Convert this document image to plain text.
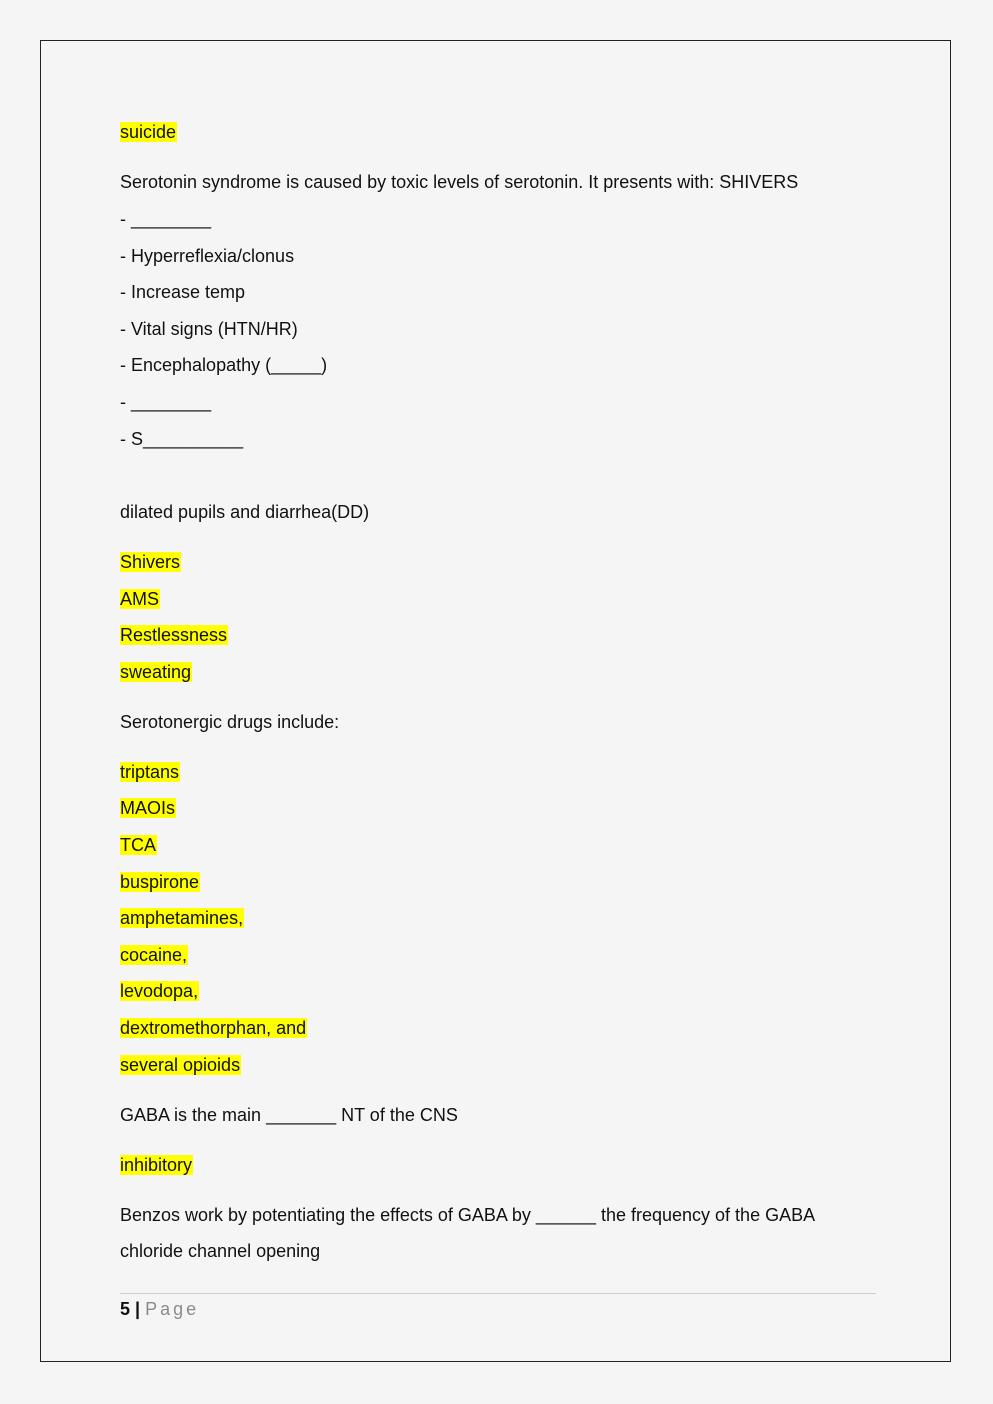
suicide
Serotonin syndrome is caused by toxic levels of serotonin. It presents with: SHIVERS
- ________
- Hyperreflexia/clonus
- Increase temp
- Vital signs (HTN/HR)
- Encephalopathy (_____)
- ________
- S__________
dilated pupils and diarrhea(DD)
Shivers
AMS
Restlessness
sweating
Serotonergic drugs include:
triptans
MAOIs
TCA
buspirone
amphetamines,
cocaine,
levodopa,
dextromethorphan, and
several opioids
GABA is the main _______ NT of the CNS
inhibitory
Benzos work by potentiating the effects of GABA by ______ the frequency of the GABA
chloride channel opening
5 | Page
